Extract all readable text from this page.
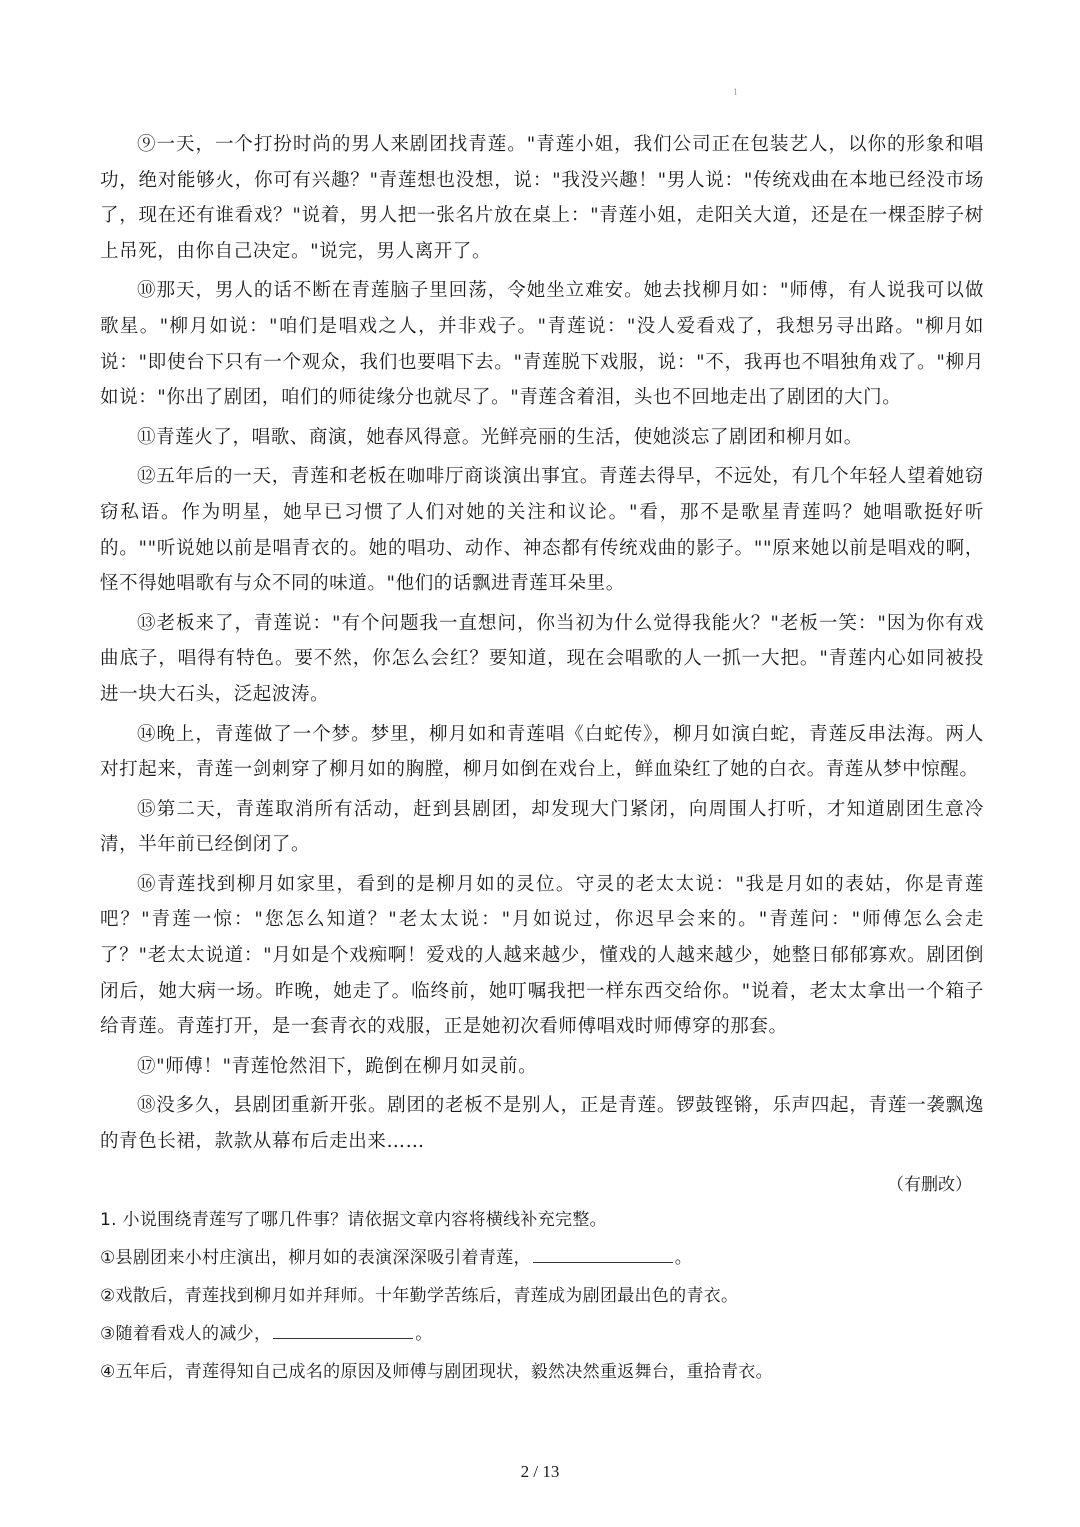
1

⑨一天，一个打扮时尚的男人来剧团找青莲。"青莲小姐，我们公司正在包装艺人，以你的形象和唱功，绝对能够火，你可有兴趣？"青莲想也没想，说："我没兴趣！"男人说："传统戏曲在本地已经没市场了，现在还有谁看戏？"说着，男人把一张名片放在桌上："青莲小姐，走阳关大道，还是在一棵歪脖子树上吊死，由你自己决定。"说完，男人离开了。

⑩那天，男人的话不断在青莲脑子里回荡，令她坐立难安。她去找柳月如："师傅，有人说我可以做歌星。"柳月如说："咱们是唱戏之人，并非戏子。"青莲说："没人爱看戏了，我想另寻出路。"柳月如说："即使台下只有一个观众，我们也要唱下去。"青莲脱下戏服，说："不，我再也不唱独角戏了。"柳月如说："你出了剧团，咱们的师徒缘分也就尽了。"青莲含着泪，头也不回地走出了剧团的大门。

⑪青莲火了，唱歌、商演，她春风得意。光鲜亮丽的生活，使她淡忘了剧团和柳月如。

⑫五年后的一天，青莲和老板在咖啡厅商谈演出事宜。青莲去得早，不远处，有几个年轻人望着她窃窃私语。作为明星，她早已习惯了人们对她的关注和议论。"看，那不是歌星青莲吗？她唱歌挺好听的。""听说她以前是唱青衣的。她的唱功、动作、神态都有传统戏曲的影子。""原来她以前是唱戏的啊，怪不得她唱歌有与众不同的味道。"他们的话飘进青莲耳朵里。

⑬老板来了，青莲说："有个问题我一直想问，你当初为什么觉得我能火？"老板一笑："因为你有戏曲底子，唱得有特色。要不然，你怎么会红？要知道，现在会唱歌的人一抓一大把。"青莲内心如同被投进一块大石头，泛起波涛。

⑭晚上，青莲做了一个梦。梦里，柳月如和青莲唱《白蛇传》，柳月如演白蛇，青莲反串法海。两人对打起来，青莲一剑刺穿了柳月如的胸膛，柳月如倒在戏台上，鲜血染红了她的白衣。青莲从梦中惊醒。

⑮第二天，青莲取消所有活动，赶到县剧团，却发现大门紧闭，向周围人打听，才知道剧团生意冷清，半年前已经倒闭了。

⑯青莲找到柳月如家里，看到的是柳月如的灵位。守灵的老太太说："我是月如的表姑，你是青莲吧？"青莲一惊："您怎么知道？"老太太说："月如说过，你迟早会来的。"青莲问："师傅怎么会走了？"老太太说道："月如是个戏痴啊！爱戏的人越来越少，懂戏的人越来越少，她整日郁郁寡欢。剧团倒闭后，她大病一场。昨晚，她走了。临终前，她叮嘱我把一样东西交给你。"说着，老太太拿出一个箱子给青莲。青莲打开，是一套青衣的戏服，正是她初次看师傅唱戏时师傅穿的那套。

⑰"师傅！"青莲怆然泪下，跪倒在柳月如灵前。

⑱没多久，县剧团重新开张。剧团的老板不是别人，正是青莲。锣鼓铿锵，乐声四起，青莲一袭飘逸的青色长裙，款款从幕布后走出来……

（有删改）

1. 小说围绕青莲写了哪几件事？请依据文章内容将横线补充完整。

①县剧团来小村庄演出，柳月如的表演深深吸引着青莲，	。

②戏散后，青莲找到柳月如并拜师。十年勤学苦练后，青莲成为剧团最出色的青衣。

③随着看戏人的减少，	。

④五年后，青莲得知自己成名的原因及师傅与剧团现状，毅然决然重返舞台，重拾青衣。

2 / 13
